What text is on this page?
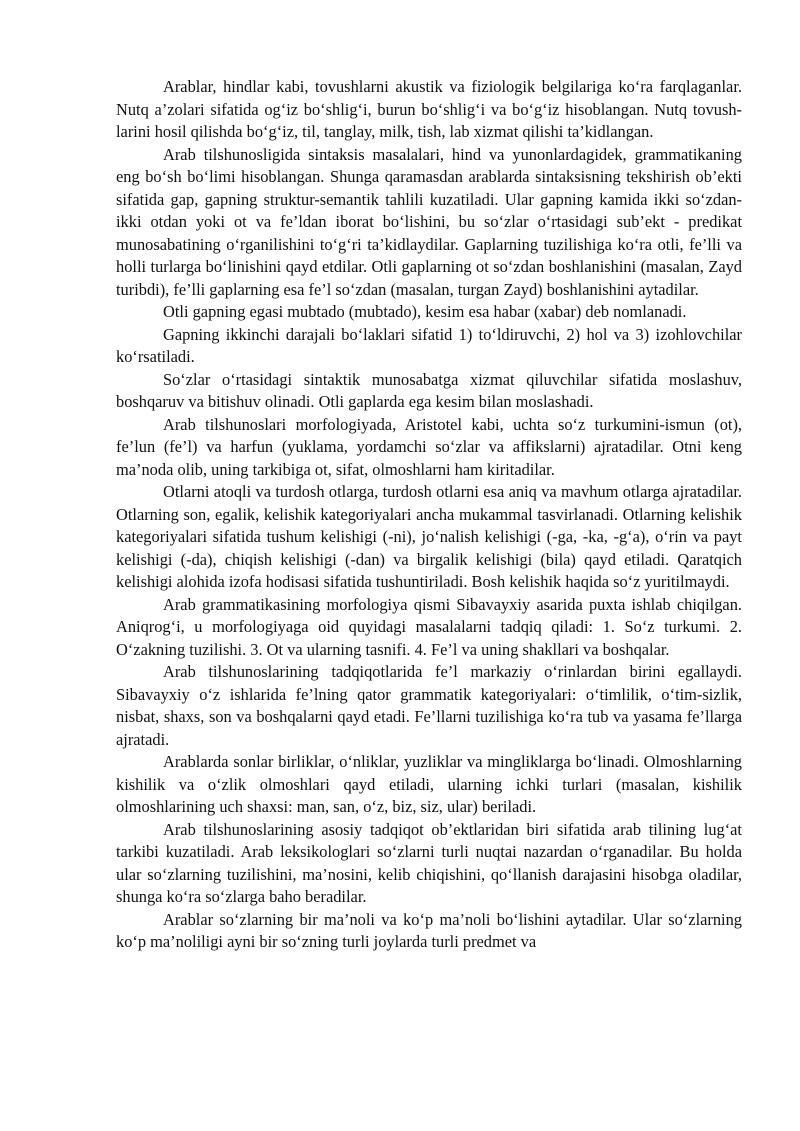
Arablar, hindlar kabi, tovushlarni akustik va fiziologik belgilariga ko‘ra farqlaganlar. Nutq a’zolari sifatida og‘iz bo‘shlig‘i, burun bo‘shlig‘i va bo‘g‘iz hisoblangan. Nutq tovush-larini hosil qilishda bo‘g‘iz, til, tanglay, milk, tish, lab xizmat qilishi ta’kidlangan.

Arab tilshunosligida sintaksis masalalari, hind va yunonlardagidek, grammatikaning eng bo‘sh bo‘limi hisoblangan. Shunga qaramasdan arablarda sintaksisning tekshirish ob’ekti sifatida gap, gapning struktur-semantik tahlili kuzatiladi. Ular gapning kamida ikki so‘zdan-ikki otdan yoki ot va fe’ldan iborat bo‘lishini, bu so‘zlar o‘rtasidagi sub’ekt - predikat munosabatining o‘rganilishini to‘g‘ri ta’kidlaydilar. Gaplarning tuzilishiga ko‘ra otli, fe’lli va holli turlarga bo‘linishini qayd etdilar. Otli gaplarning ot so‘zdan boshlanishini (masalan, Zayd turibdi), fe’lli gaplarning esa fe’l so‘zdan (masalan, turgan Zayd) boshlanishini aytadilar.

Otli gapning egasi mubtado (mubtado), kesim esa habar (xabar) deb nomlanadi.

Gapning ikkinchi darajali bo‘laklari sifatid 1) to‘ldiruvchi, 2) hol va 3) izohlovchilar ko‘rsatiladi.

So‘zlar o‘rtasidagi sintaktik munosabatga xizmat qiluvchilar sifatida moslashuv, boshqaruv va bitishuv olinadi. Otli gaplarda ega kesim bilan moslashadi.

Arab tilshunoslari morfologiyada, Aristotel kabi, uchta so‘z turkumini-ismun (ot), fe’lun (fe’l) va harfun (yuklama, yordamchi so‘zlar va affikslarni) ajratadilar. Otni keng ma’noda olib, uning tarkibiga ot, sifat, olmoshlarni ham kiritadilar.

Otlarni atoqli va turdosh otlarga, turdosh otlarni esa aniq va mavhum otlarga ajratadilar. Otlarning son, egalik, kelishik kategoriyalari ancha mukammal tasvirlanadi. Otlarning kelishik kategoriyalari sifatida tushum kelishigi (-ni), jo‘nalish kelishigi (-ga, -ka, -g‘a), o‘rin va payt kelishigi (-da), chiqish kelishigi (-dan) va birgalik kelishigi (bila) qayd etiladi. Qaratqich kelishigi alohida izofa hodisasi sifatida tushuntiriladi. Bosh kelishik haqida so‘z yuritilmaydi.

Arab grammatikasining morfologiya qismi Sibavayxiy asarida puxta ishlab chiqilgan. Aniqrog‘i, u morfologiyaga oid quyidagi masalalarni tadqiq qiladi: 1. So‘z turkumi. 2. O‘zakning tuzilishi. 3. Ot va ularning tasnifi. 4. Fe’l va uning shakllari va boshqalar.

Arab tilshunoslarining tadqiqotlarida fe’l markaziy o‘rinlardan birini egallaydi. Sibavayxiy o‘z ishlarida fe’lning qator grammatik kategoriyalari: o‘timlilik, o‘tim-sizlik, nisbat, shaxs, son va boshqalarni qayd etadi. Fe’llarni tuzilishiga ko‘ra tub va yasama fe’llarga ajratadi.

Arablarda sonlar birliklar, o‘nliklar, yuzliklar va mingliklarga bo‘linadi. Olmoshlarning kishilik va o‘zlik olmoshlari qayd etiladi, ularning ichki turlari (masalan, kishilik olmoshlarining uch shaxsi: man, san, o‘z, biz, siz, ular) beriladi.

Arab tilshunoslarining asosiy tadqiqot ob’ektlaridan biri sifatida arab tilining lug‘at tarkibi kuzatiladi. Arab leksikologlari so‘zlarni turli nuqtai nazardan o‘rganadilar. Bu holda ular so‘zlarning tuzilishini, ma’nosini, kelib chiqishini, qo‘llanish darajasini hisobga oladilar, shunga ko‘ra so‘zlarga baho beradilar.

Arablar so‘zlarning bir ma’noli va ko‘p ma’noli bo‘lishini aytadilar. Ular so‘zlarning ko‘p ma’noliligi ayni bir so‘zning turli joylarda turli predmet va
